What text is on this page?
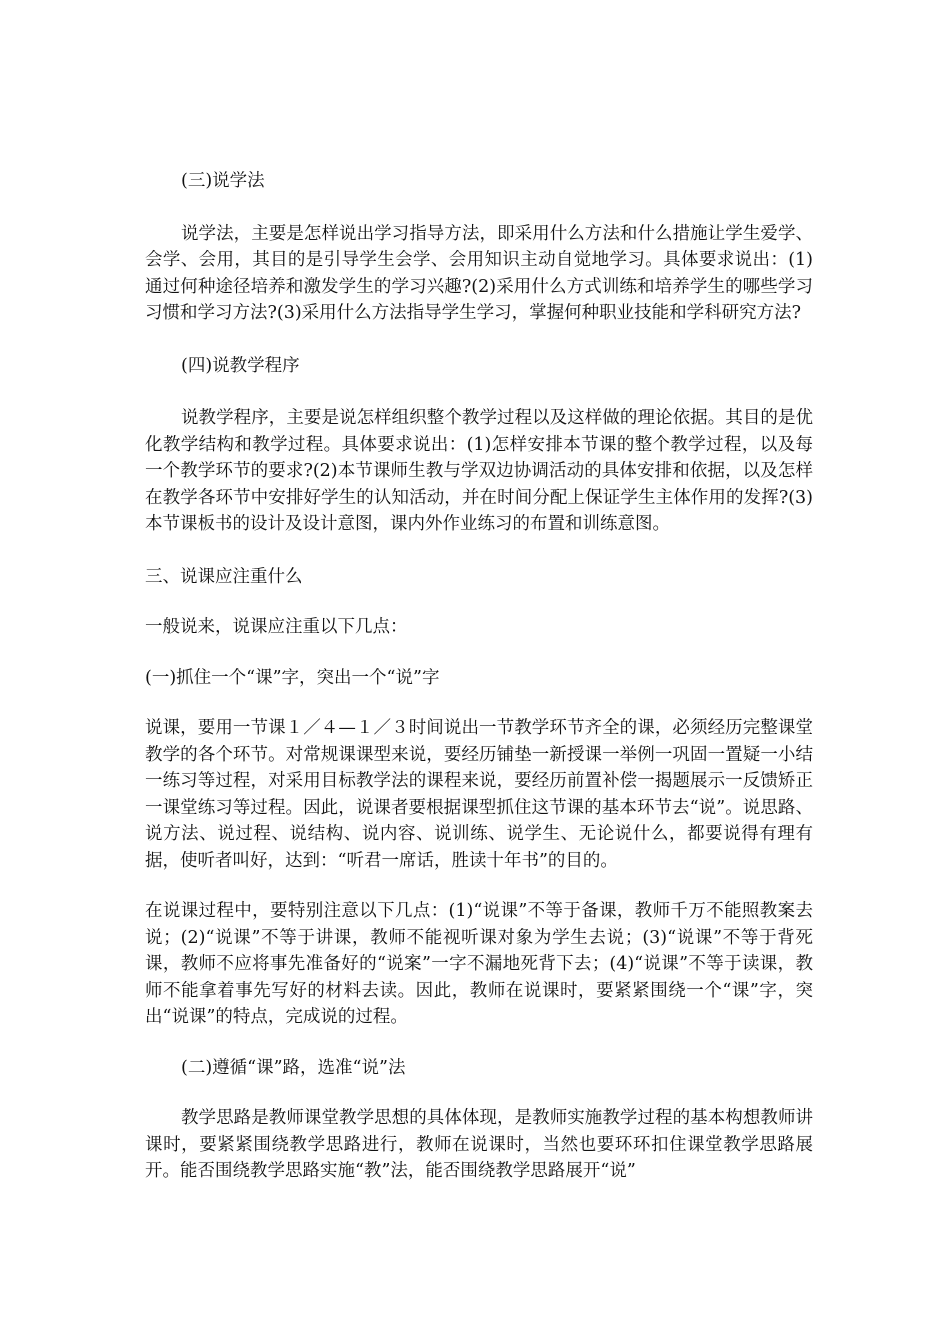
(三)说学法

说学法，主要是怎样说出学习指导方法，即采用什么方法和什么措施让学生爱学、会学、会用，其目的是引导学生会学、会用知识主动自觉地学习。具体要求说出：(1)通过何种途径培养和激发学生的学习兴趣?(2)采用什么方式训练和培养学生的哪些学习习惯和学习方法?(3)采用什么方法指导学生学习，掌握何种职业技能和学科研究方法?

(四)说教学程序

说教学程序，主要是说怎样组织整个教学过程以及这样做的理论依据。其目的是优化教学结构和教学过程。具体要求说出：(1)怎样安排本节课的整个教学过程，以及每一个教学环节的要求?(2)本节课师生教与学双边协调活动的具体安排和依据，以及怎样在教学各环节中安排好学生的认知活动，并在时间分配上保证学生主体作用的发挥?(3)本节课板书的设计及设计意图，课内外作业练习的布置和训练意图。

三、说课应注重什么

一般说来，说课应注重以下几点：

(一)抓住一个“课”字，突出一个“说”字

说课，要用一节课１／４—１／３时间说出一节教学环节齐全的课，必须经历完整课堂教学的各个环节。对常规课课型来说，要经历铺垫一新授课一举例一巩固一置疑一小结一练习等过程，对采用目标教学法的课程来说，要经历前置补偿一揭题展示一反馈矫正一课堂练习等过程。因此，说课者要根据课型抓住这节课的基本环节去“说”。说思路、说方法、说过程、说结构、说内容、说训练、说学生、无论说什么，都要说得有理有据，使听者叫好，达到：“听君一席话，胜读十年书”的目的。

在说课过程中，要特别注意以下几点：(1)“说课”不等于备课，教师千万不能照教案去说；(2)“说课”不等于讲课，教师不能视听课对象为学生去说；(3)“说课”不等于背死课，教师不应将事先准备好的“说案”一字不漏地死背下去；(4)“说课”不等于读课，教师不能拿着事先写好的材料去读。因此，教师在说课时，要紧紧围绕一个“课”字，突出“说课”的特点，完成说的过程。

(二)遵循“课”路，选准“说”法

教学思路是教师课堂教学思想的具体体现，是教师实施教学过程的基本构想教师讲课时，要紧紧围绕教学思路进行，教师在说课时，当然也要环环扣住课堂教学思路展开。能否围绕教学思路实施“教”法，能否围绕教学思路展开“说”
